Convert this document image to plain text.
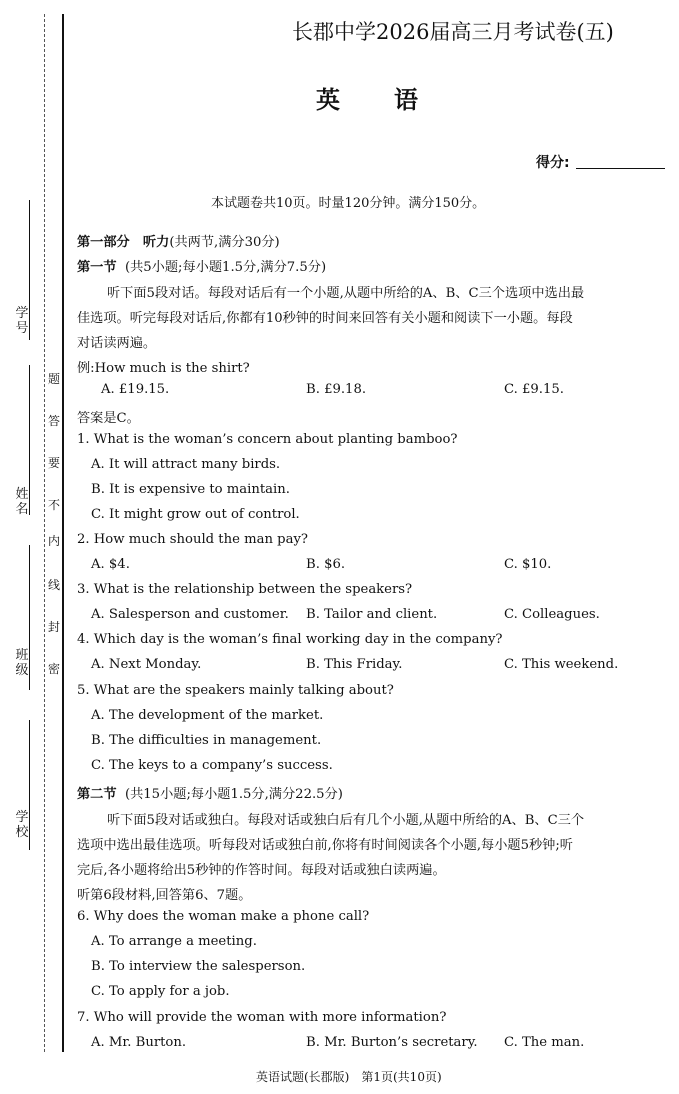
学号
姓名
班级
学校
题
答
要
不
内
线
封
密
长郡中学2026届高三月考试卷(五)
英语
得分:
本试题卷共10页。时量120分钟。满分150分。
第一部分　听力(共两节,满分30分)
第一节 (共5小题;每小题1.5分,满分7.5分)
听下面5段对话。每段对话后有一个小题,从题中所给的A、B、C三个选项中选出最
佳选项。听完每段对话后,你都有10秒钟的时间来回答有关小题和阅读下一小题。每段
对话读两遍。
例:How much is the shirt?
A. £19.15.	B. £9.18.	C. £9.15.
答案是C。
1. What is the woman’s concern about planting bamboo?
A. It will attract many birds.
B. It is expensive to maintain.
C. It might grow out of control.
2. How much should the man pay?
A. $4.	B. $6.	C. $10.
3. What is the relationship between the speakers?
A. Salesperson and customer. B. Tailor and client.	C. Colleagues.
4. Which day is the woman’s final working day in the company?
A. Next Monday.	B. This Friday.	C. This weekend.
5. What are the speakers mainly talking about?
A. The development of the market.
B. The difficulties in management.
C. The keys to a company’s success.
第二节 (共15小题;每小题1.5分,满分22.5分)
听下面5段对话或独白。每段对话或独白后有几个小题,从题中所给的A、B、C三个
选项中选出最佳选项。听每段对话或独白前,你将有时间阅读各个小题,每小题5秒钟;听
完后,各小题将给出5秒钟的作答时间。每段对话或独白读两遍。
听第6段材料,回答第6、7题。
6. Why does the woman make a phone call?
A. To arrange a meeting.
B. To interview the salesperson.
C. To apply for a job.
7. Who will provide the woman with more information?
A. Mr. Burton.	B. Mr. Burton’s secretary. C. The man.
英语试题(长郡版)　第1页(共10页)
